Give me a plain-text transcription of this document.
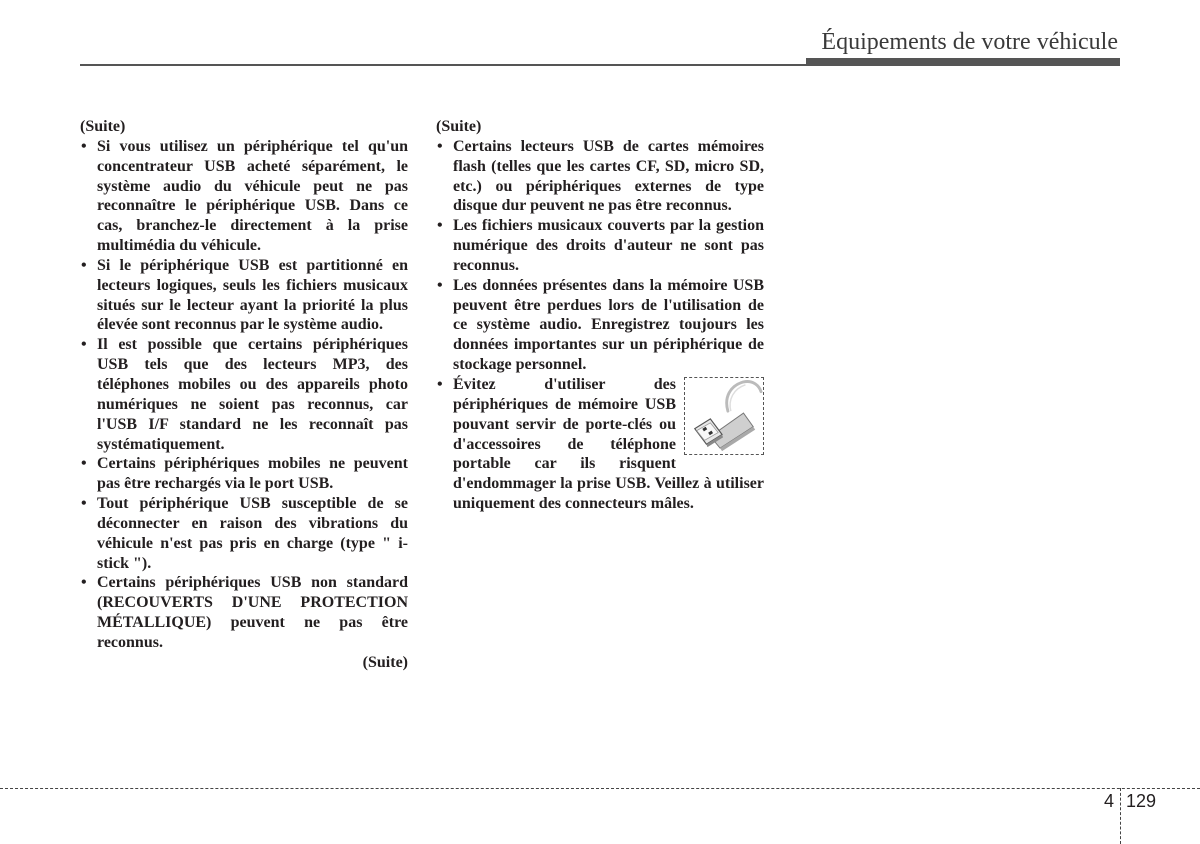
Équipements de votre véhicule

(Suite)

• Si vous utilisez un périphérique tel qu'un concentrateur USB acheté séparément, le système audio du véhicule peut ne pas reconnaître le périphérique USB. Dans ce cas, branchez-le directement à la prise multimédia du véhicule.
• Si le périphérique USB est partitionné en lecteurs logiques, seuls les fichiers musicaux situés sur le lecteur ayant la priorité la plus élevée sont reconnus par le système audio.
• Il est possible que certains périphériques USB tels que des lecteurs MP3, des téléphones mobiles ou des appareils photo numériques ne soient pas reconnus, car l'USB I/F standard ne les reconnaît pas systématiquement.
• Certains périphériques mobiles ne peuvent pas être rechargés via le port USB.
• Tout périphérique USB susceptible de se déconnecter en raison des vibrations du véhicule n'est pas pris en charge (type " i-stick ").
• Certains périphériques USB non standard (RECOUVERTS D'UNE PROTECTION MÉTALLIQUE) peuvent ne pas être reconnus.

(Suite)

(Suite)

• Certains lecteurs USB de cartes mémoires flash (telles que les cartes CF, SD, micro SD, etc.) ou périphériques externes de type disque dur peuvent ne pas être reconnus.
• Les fichiers musicaux couverts par la gestion numérique des droits d'auteur ne sont pas reconnus.
• Les données présentes dans la mémoire USB peuvent être perdues lors de l'utilisation de ce système audio. Enregistrez toujours les données importantes sur un périphérique de stockage personnel.
• Évitez d'utiliser des périphériques de mémoire USB pouvant servir de porte-clés ou d'accessoires de téléphone portable car ils risquent d'endommager la prise USB. Veillez à utiliser uniquement des connecteurs mâles.
4 129
